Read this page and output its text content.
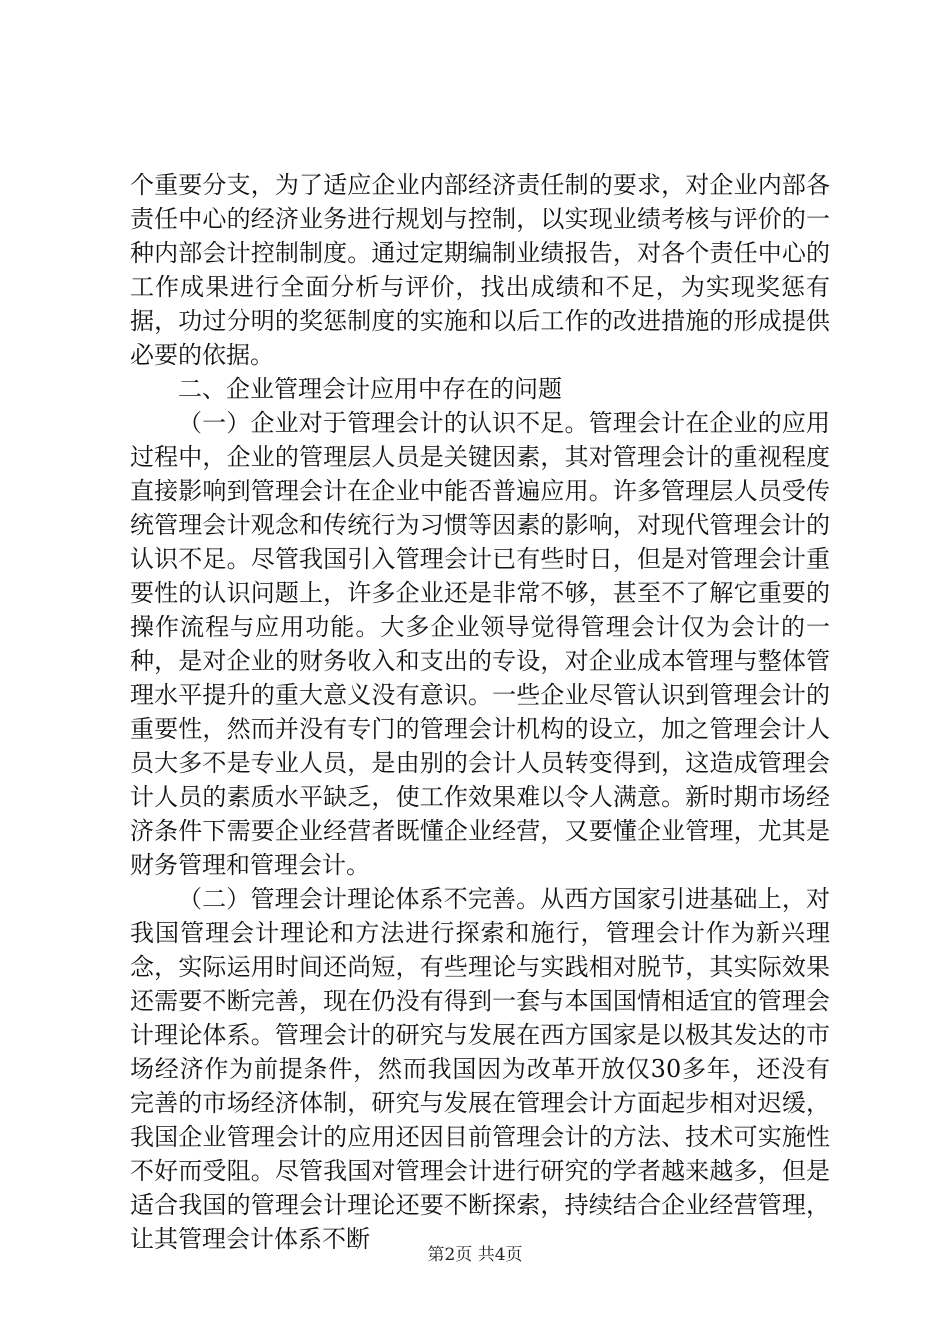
个重要分支，为了适应企业内部经济责任制的要求，对企业内部各责任中心的经济业务进行规划与控制，以实现业绩考核与评价的一种内部会计控制制度。通过定期编制业绩报告，对各个责任中心的工作成果进行全面分析与评价，找出成绩和不足，为实现奖惩有据，功过分明的奖惩制度的实施和以后工作的改进措施的形成提供必要的依据。

二、企业管理会计应用中存在的问题

（一）企业对于管理会计的认识不足。管理会计在企业的应用过程中，企业的管理层人员是关键因素，其对管理会计的重视程度直接影响到管理会计在企业中能否普遍应用。许多管理层人员受传统管理会计观念和传统行为习惯等因素的影响，对现代管理会计的认识不足。尽管我国引入管理会计已有些时日，但是对管理会计重要性的认识问题上，许多企业还是非常不够，甚至不了解它重要的操作流程与应用功能。大多企业领导觉得管理会计仅为会计的一种，是对企业的财务收入和支出的专设，对企业成本管理与整体管理水平提升的重大意义没有意识。一些企业尽管认识到管理会计的重要性，然而并没有专门的管理会计机构的设立，加之管理会计人员大多不是专业人员，是由别的会计人员转变得到，这造成管理会计人员的素质水平缺乏，使工作效果难以令人满意。新时期市场经济条件下需要企业经营者既懂企业经营，又要懂企业管理，尤其是财务管理和管理会计。

（二）管理会计理论体系不完善。从西方国家引进基础上，对我国管理会计理论和方法进行探索和施行，管理会计作为新兴理念，实际运用时间还尚短，有些理论与实践相对脱节，其实际效果还需要不断完善，现在仍没有得到一套与本国国情相适宜的管理会计理论体系。管理会计的研究与发展在西方国家是以极其发达的市场经济作为前提条件，然而我国因为改革开放仅30多年，还没有完善的市场经济体制，研究与发展在管理会计方面起步相对迟缓，我国企业管理会计的应用还因目前管理会计的方法、技术可实施性不好而受阻。尽管我国对管理会计进行研究的学者越来越多，但是适合我国的管理会计理论还要不断探索，持续结合企业经营管理，让其管理会计体系不断

第2页 共4页
